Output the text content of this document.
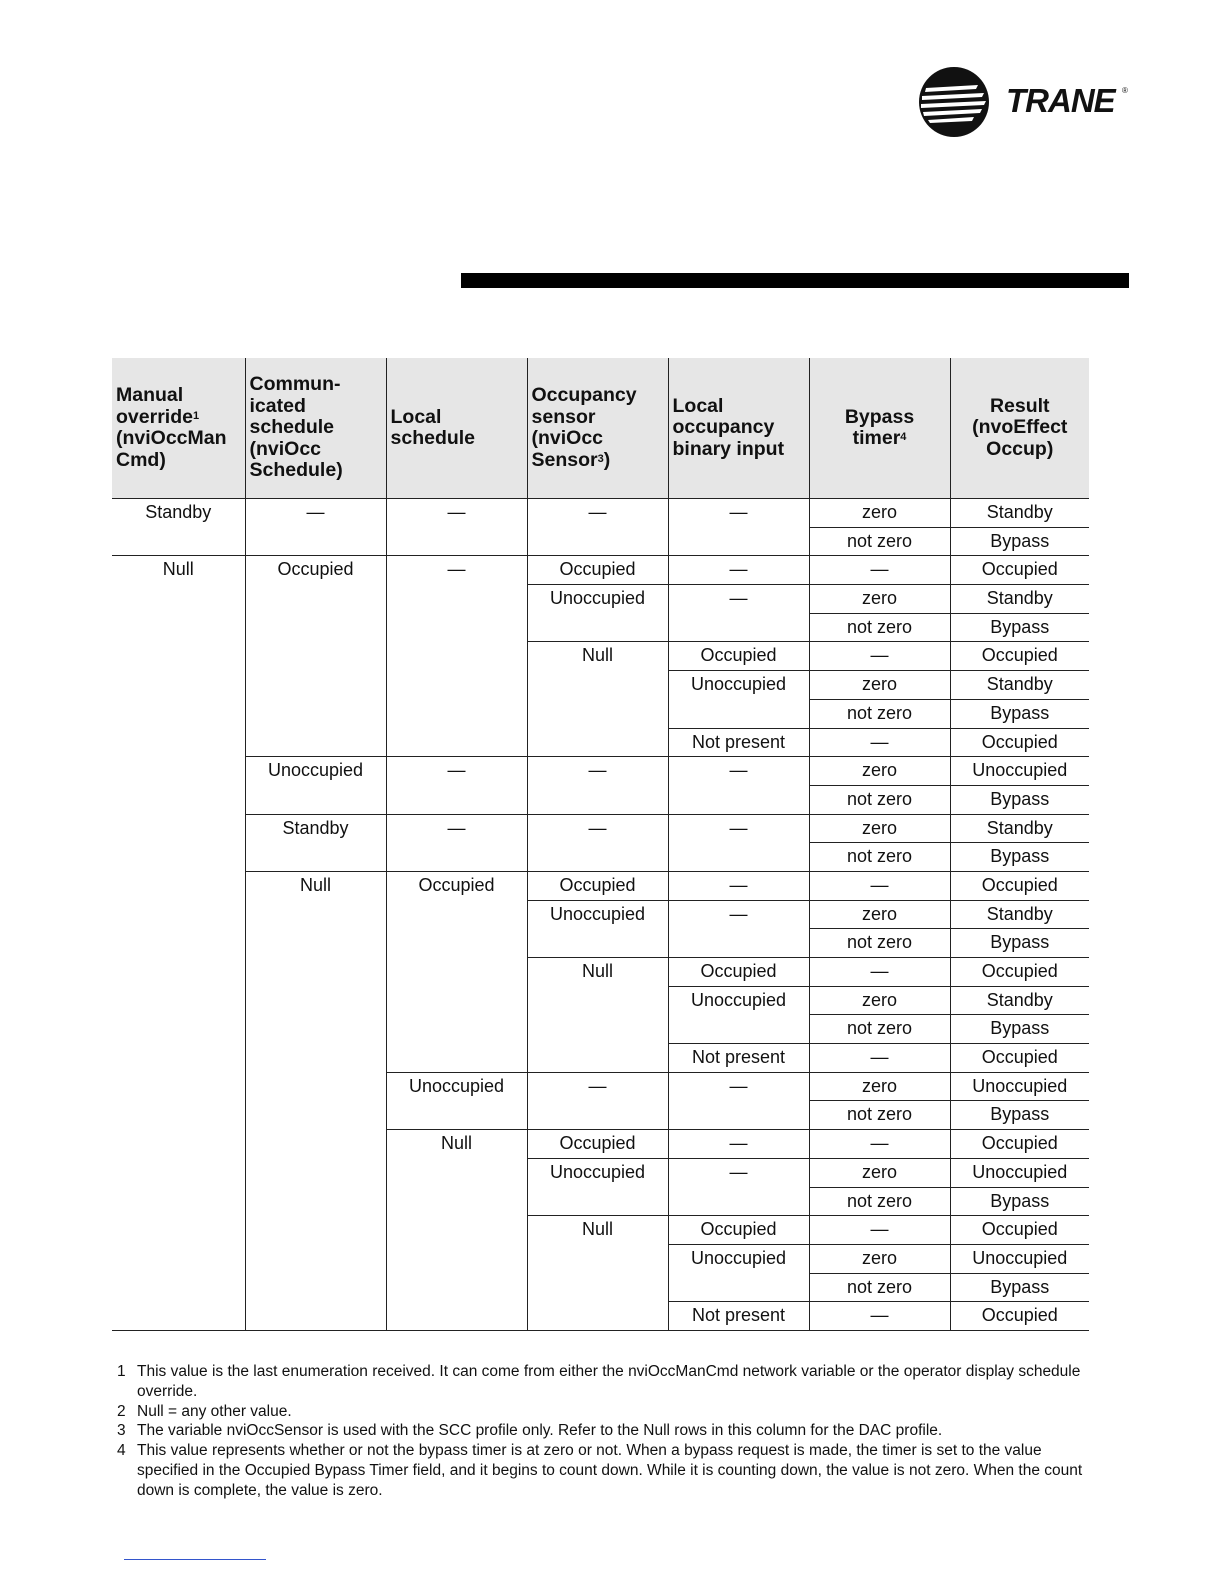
TRANE ®
Manual
override$^1$
(nviOccMan
Cmd)	Commun-
icated
schedule
(nviOcc
Schedule)	Local
schedule	Occupancy
sensor
(nviOcc
Sensor$^3$)	Local
occupancy
binary input	Bypass
timer$^4$	Result
(nvoEffect
Occup)
Standby	—	—	—	—	zero	Standby
					not zero	Bypass
Null	Occupied	—	Occupied	—	—	Occupied
			Unoccupied	—	zero	Standby
					not zero	Bypass
			Null	Occupied	—	Occupied
				Unoccupied	zero	Standby
					not zero	Bypass
				Not present	—	Occupied
	Unoccupied	—	—	—	zero	Unoccupied
					not zero	Bypass
	Standby	—	—	—	zero	Standby
					not zero	Bypass
	Null	Occupied	Occupied	—	—	Occupied
			Unoccupied	—	zero	Standby
					not zero	Bypass
			Null	Occupied	—	Occupied
				Unoccupied	zero	Standby
					not zero	Bypass
				Not present	—	Occupied
		Unoccupied	—	—	zero	Unoccupied
					not zero	Bypass
		Null	Occupied	—	—	Occupied
			Unoccupied	—	zero	Unoccupied
					not zero	Bypass
			Null	Occupied	—	Occupied
				Unoccupied	zero	Unoccupied
					not zero	Bypass
				Not present	—	Occupied
1 This value is the last enumeration received. It can come from either the nviOccManCmd network variable or the operator display schedule override.
2 Null = any other value.
3 The variable nviOccSensor is used with the SCC profile only. Refer to the Null rows in this column for the DAC profile.
4 This value represents whether or not the bypass timer is at zero or not. When a bypass request is made, the timer is set to the value specified in the Occupied Bypass Timer field, and it begins to count down. While it is counting down, the value is not zero. When the count down is complete, the value is zero.
